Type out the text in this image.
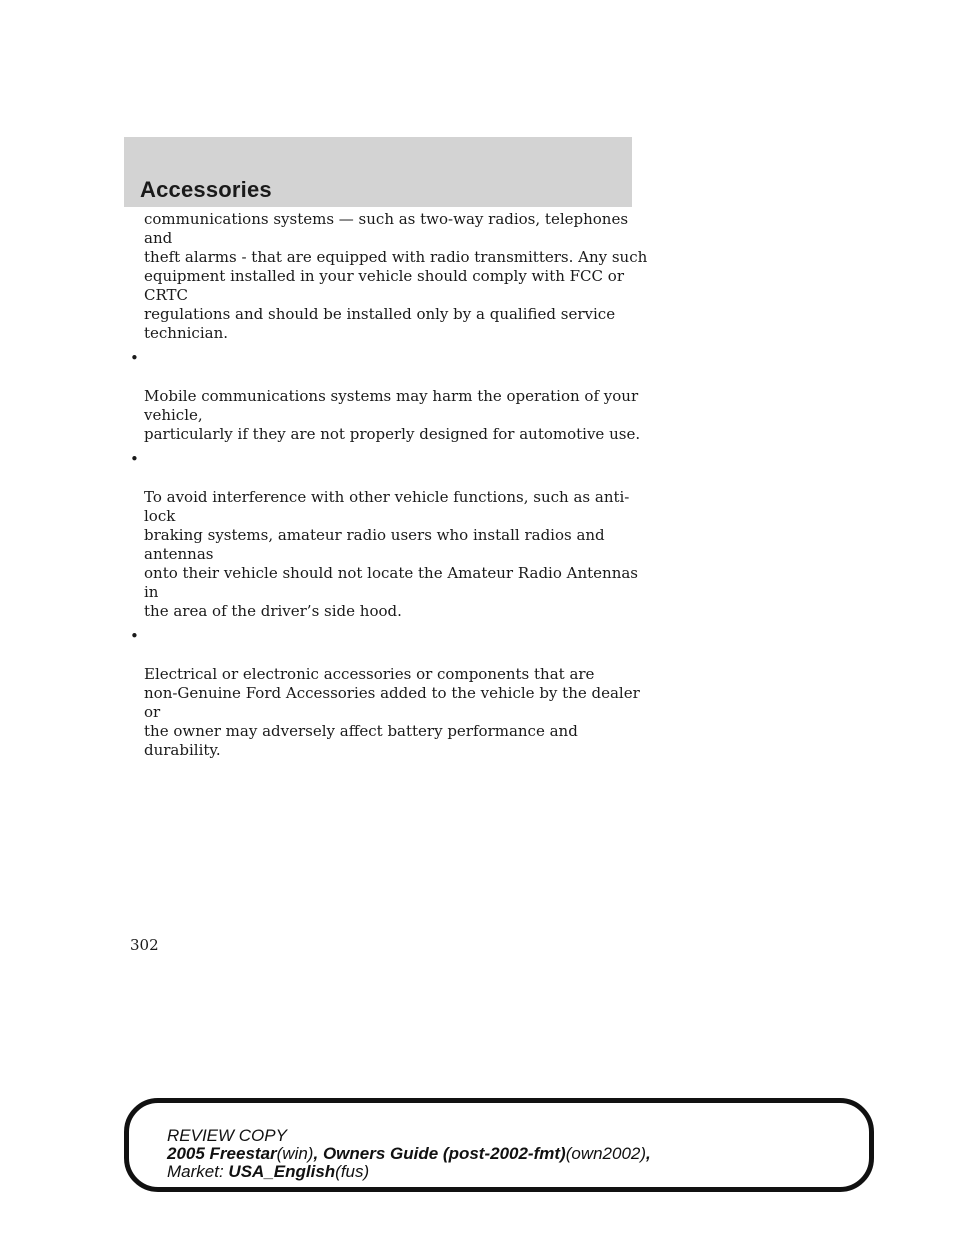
Accessories

communications systems — such as two-way radios, telephones and
theft alarms - that are equipped with radio transmitters. Any such
equipment installed in your vehicle should comply with FCC or CRTC
regulations and should be installed only by a qualified service technician.

•

Mobile communications systems may harm the operation of your vehicle,
particularly if they are not properly designed for automotive use.

•

To avoid interference with other vehicle functions, such as anti-lock
braking systems, amateur radio users who install radios and antennas
onto their vehicle should not locate the Amateur Radio Antennas in
the area of the driver’s side hood.

•

Electrical or electronic accessories or components that are
non-Genuine Ford Accessories added to the vehicle by the dealer or
the owner may adversely affect battery performance and durability.

302
REVIEW COPY
2005 Freestar(win), Owners Guide (post-2002-fmt)(own2002),
Market: USA_English(fus)
